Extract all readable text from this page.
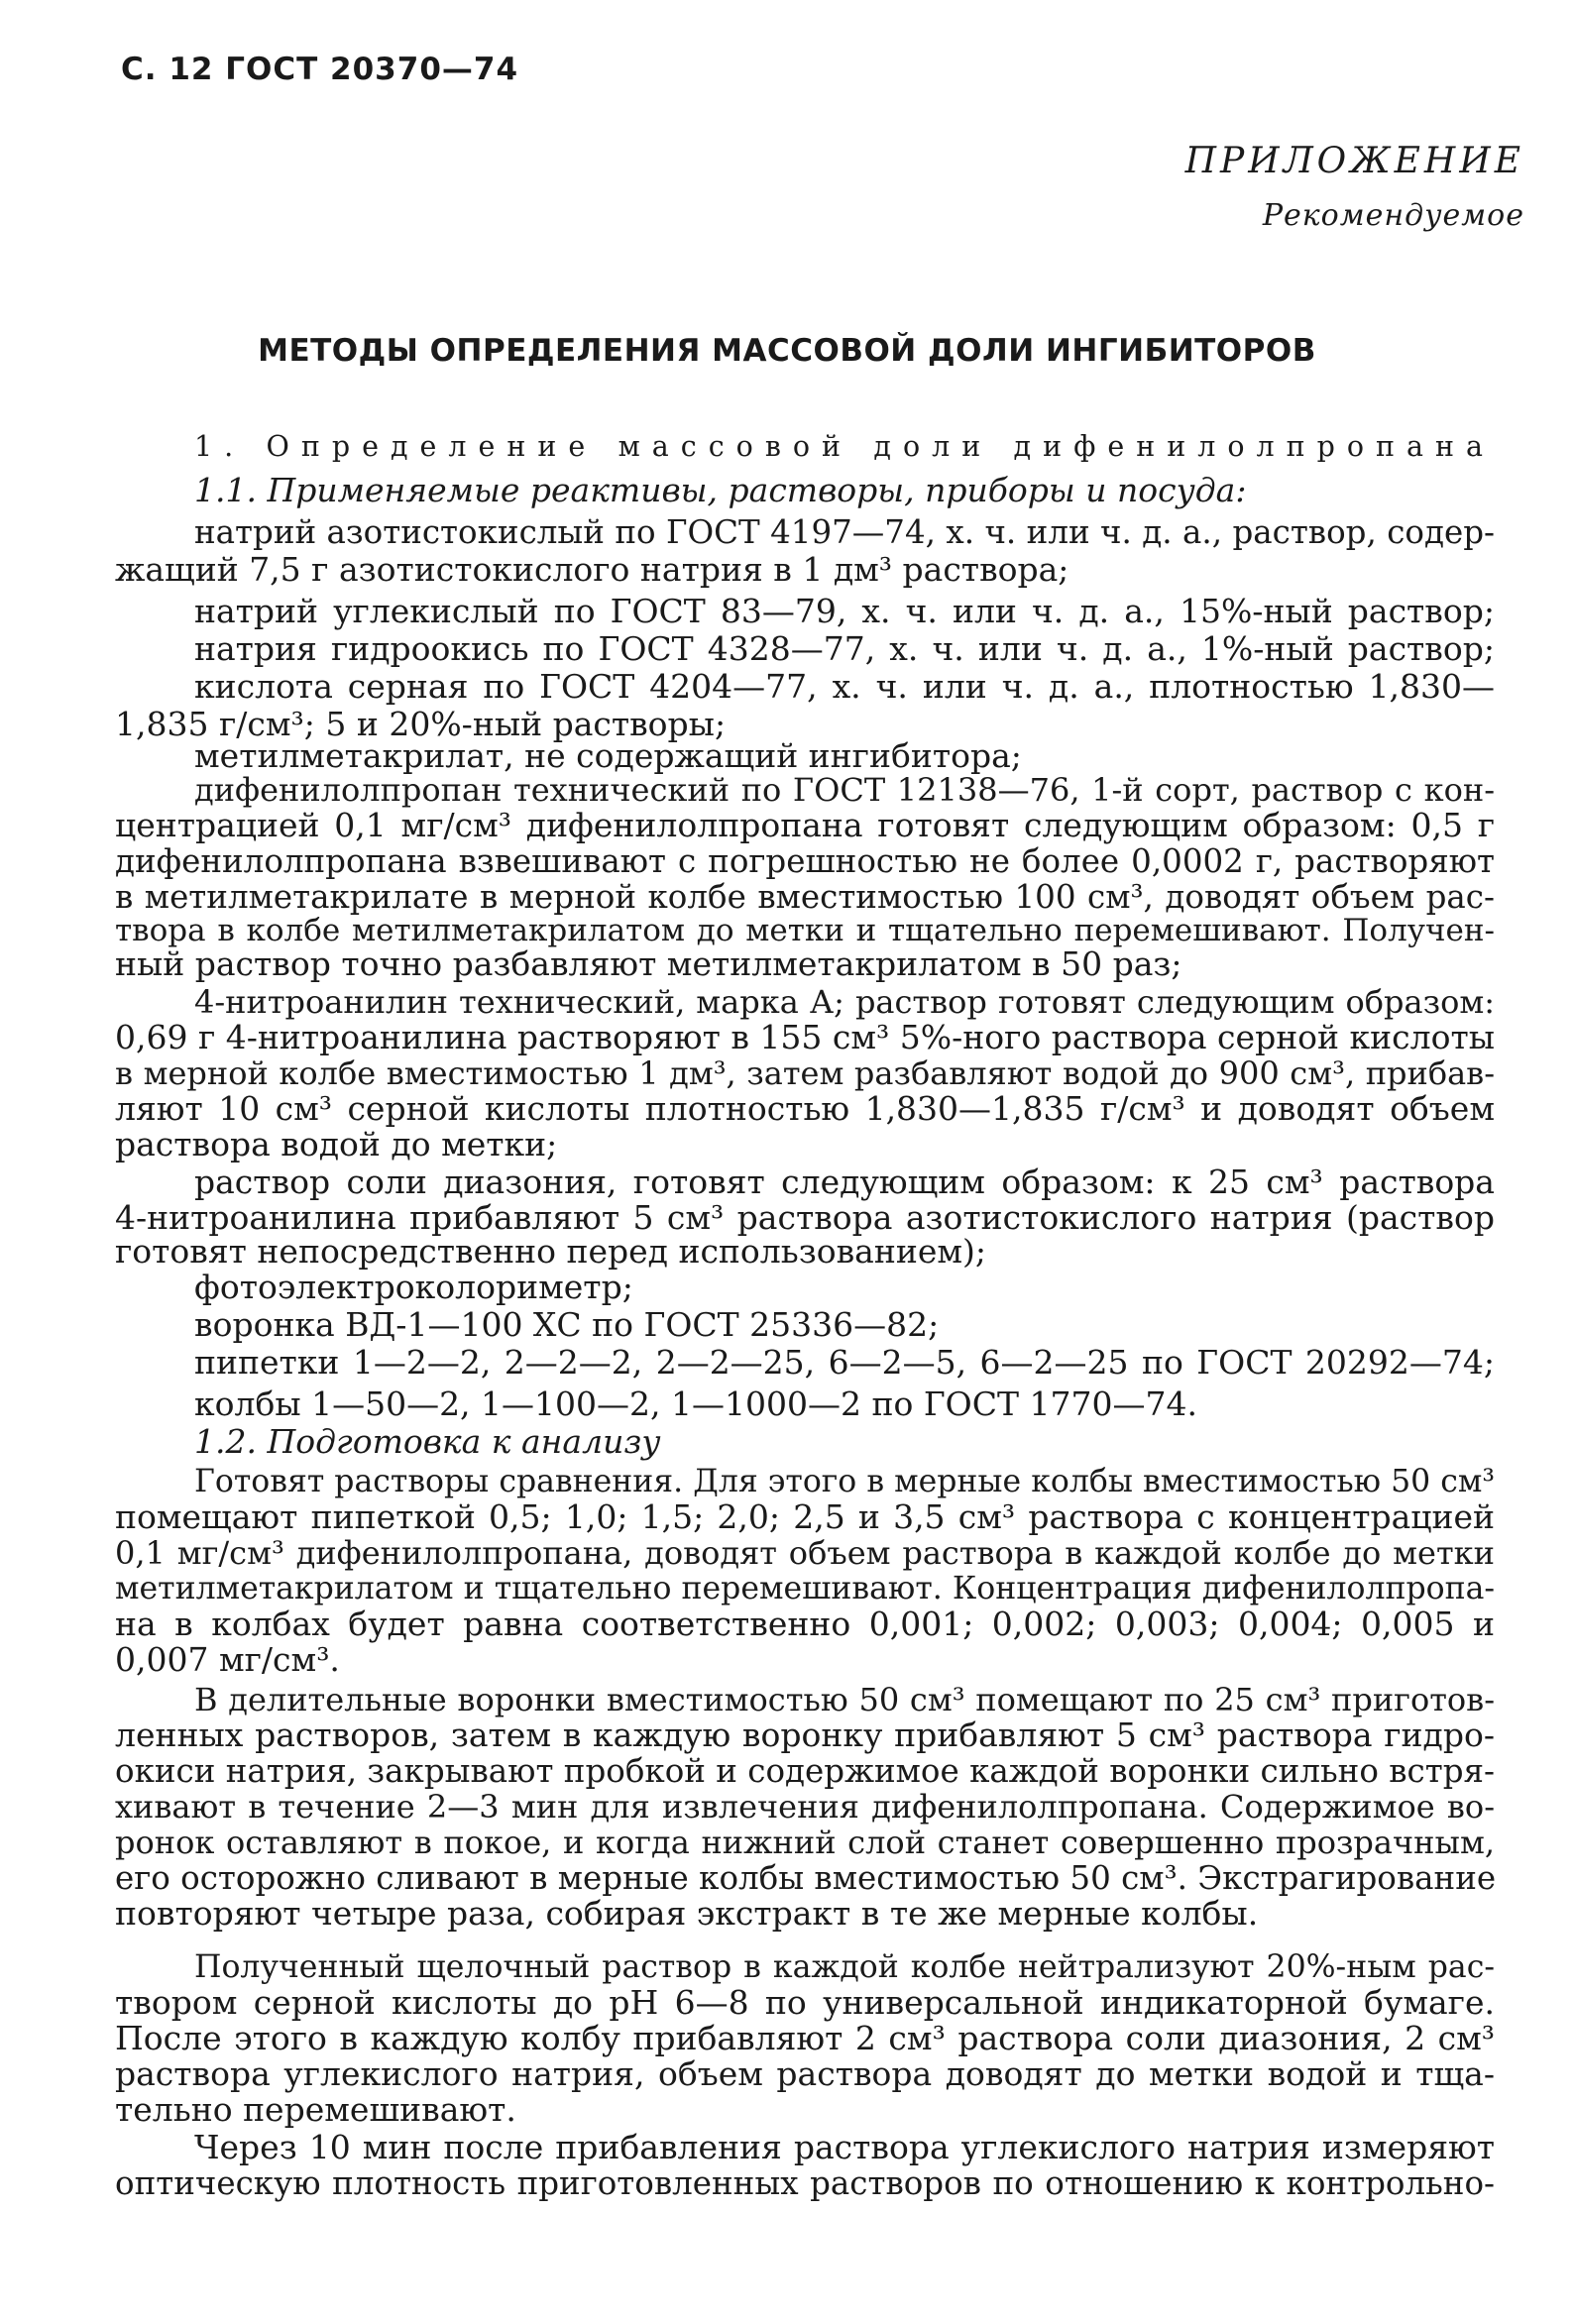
С. 12 ГОСТ 20370—74
ПРИЛОЖЕНИЕ
Рекомендуемое
МЕТОДЫ ОПРЕДЕЛЕНИЯ МАССОВОЙ ДОЛИ ИНГИБИТОРОВ
1. Определение массовой доли дифенилолпропана
1.1. Применяемые реактивы, растворы, приборы и посуда:
натрий азотистокислый по ГОСТ 4197—74, х. ч. или ч. д. а., раствор, содер-
жащий 7,5 г азотистокислого натрия в 1 дм³ раствора;
натрий углекислый по ГОСТ 83—79, х. ч. или ч. д. а., 15%-ный раствор;
натрия гидроокись по ГОСТ 4328—77, х. ч. или ч. д. а., 1%-ный раствор;
кислота серная по ГОСТ 4204—77, х. ч. или ч. д. а., плотностью 1,830—
1,835 г/см³; 5 и 20%-ный растворы;
метилметакрилат, не содержащий ингибитора;
дифенилолпропан технический по ГОСТ 12138—76, 1-й сорт, раствор с кон-
центрацией 0,1 мг/см³ дифенилолпропана готовят следующим образом: 0,5 г
дифенилолпропана взвешивают с погрешностью не более 0,0002 г, растворяют
в метилметакрилате в мерной колбе вместимостью 100 см³, доводят объем рас-
твора в колбе метилметакрилатом до метки и тщательно перемешивают. Получен-
ный раствор точно разбавляют метилметакрилатом в 50 раз;
4-нитроанилин технический, марка А; раствор готовят следующим образом:
0,69 г 4-нитроанилина растворяют в 155 см³ 5%-ного раствора серной кислоты
в мерной колбе вместимостью 1 дм³, затем разбавляют водой до 900 см³, прибав-
ляют 10 см³ серной кислоты плотностью 1,830—1,835 г/см³ и доводят объем
раствора водой до метки;
раствор соли диазония, готовят следующим образом: к 25 см³ раствора
4-нитроанилина прибавляют 5 см³ раствора азотистокислого натрия (раствор
готовят непосредственно перед использованием);
фотоэлектроколориметр;
воронка ВД-1—100 ХС по ГОСТ 25336—82;
пипетки 1—2—2, 2—2—2, 2—2—25, 6—2—5, 6—2—25 по ГОСТ 20292—74;
колбы 1—50—2, 1—100—2, 1—1000—2 по ГОСТ 1770—74.
1.2. Подготовка к анализу
Готовят растворы сравнения. Для этого в мерные колбы вместимостью 50 см³
помещают пипеткой 0,5; 1,0; 1,5; 2,0; 2,5 и 3,5 см³ раствора с концентрацией
0,1 мг/см³ дифенилолпропана, доводят объем раствора в каждой колбе до метки
метилметакрилатом и тщательно перемешивают. Концентрация дифенилолпропа-
на в колбах будет равна соответственно 0,001; 0,002; 0,003; 0,004; 0,005 и
0,007 мг/см³.
В делительные воронки вместимостью 50 см³ помещают по 25 см³ приготов-
ленных растворов, затем в каждую воронку прибавляют 5 см³ раствора гидро-
окиси натрия, закрывают пробкой и содержимое каждой воронки сильно встря-
хивают в течение 2—3 мин для извлечения дифенилолпропана. Содержимое во-
ронок оставляют в покое, и когда нижний слой станет совершенно прозрачным,
его осторожно сливают в мерные колбы вместимостью 50 см³. Экстрагирование
повторяют четыре раза, собирая экстракт в те же мерные колбы.
Полученный щелочный раствор в каждой колбе нейтрализуют 20%-ным рас-
твором серной кислоты до pH 6—8 по универсальной индикаторной бумаге.
После этого в каждую колбу прибавляют 2 см³ раствора соли диазония, 2 см³
раствора углекислого натрия, объем раствора доводят до метки водой и тща-
тельно перемешивают.
Через 10 мин после прибавления раствора углекислого натрия измеряют
оптическую плотность приготовленных растворов по отношению к контрольно-
